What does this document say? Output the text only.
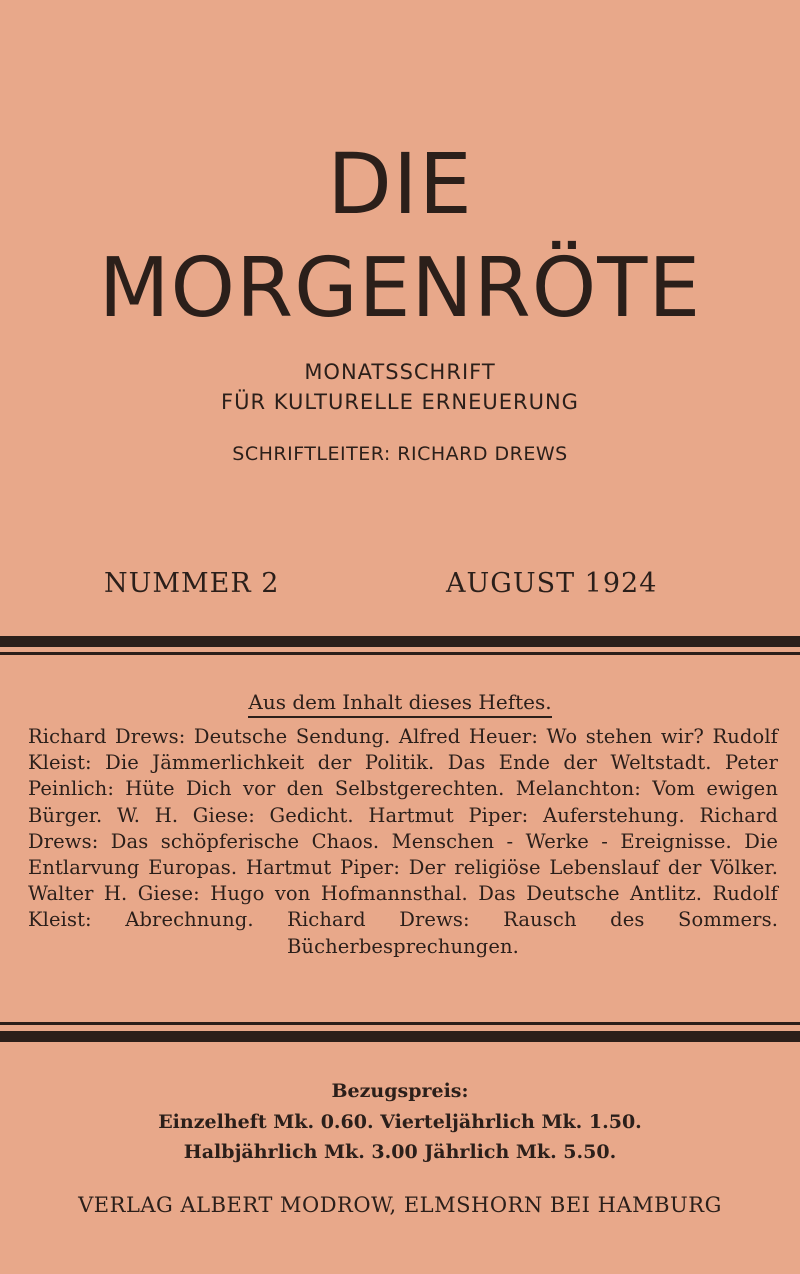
DIE
MORGENRÖTE
MONATSSCHRIFT
FÜR KULTURELLE ERNEUERUNG
SCHRIFTLEITER: RICHARD DREWS
NUMMER 2	AUGUST 1924
Aus dem Inhalt dieses Heftes.
Richard Drews: Deutsche Sendung. Alfred Heuer: Wo stehen wir? Rudolf Kleist: Die Jämmerlichkeit der Politik. Das Ende der Weltstadt. Peter Peinlich: Hüte Dich vor den Selbstgerechten. Melanchton: Vom ewigen Bürger. W. H. Giese: Gedicht. Hartmut Piper: Auferstehung. Richard Drews: Das schöpferische Chaos. Menschen - Werke - Ereignisse. Die Entlarvung Europas. Hartmut Piper: Der religiöse Lebenslauf der Völker. Walter H. Giese: Hugo von Hofmannsthal. Das Deutsche Antlitz. Rudolf Kleist: Abrechnung. Richard Drews: Rausch des Sommers. Bücherbesprechungen.
Bezugspreis:
Einzelheft Mk. 0.60. Vierteljährlich Mk. 1.50.
Halbjährlich Mk. 3.00 Jährlich Mk. 5.50.
VERLAG ALBERT MODROW, ELMSHORN BEI HAMBURG
